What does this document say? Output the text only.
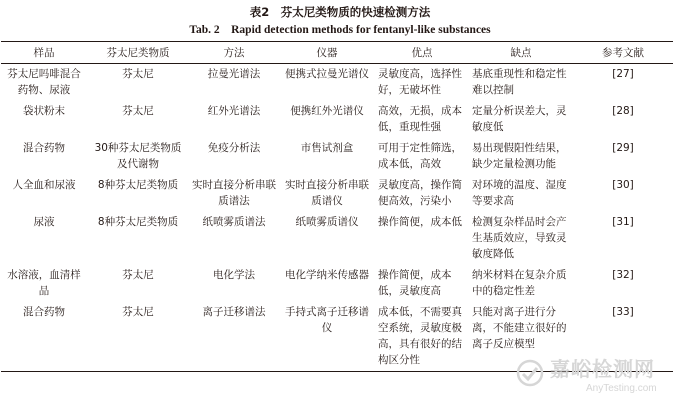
表2　芬太尼类物质的快速检测方法
Tab. 2　Rapid detection methods for fentanyl-like substances
样品	芬太尼类物质	方法	仪器	优点	缺点	参考文献
芬太尼吗啡混合药物、尿液	芬太尼	拉曼光谱法	便携式拉曼光谱仪	灵敏度高，选择性好，无破坏性	基底重现性和稳定性难以控制	[27]
袋状粉末	芬太尼	红外光谱法	便携红外光谱仪	高效，无损，成本低，重现性强	定量分析误差大，灵敏度低	[28]
混合药物	30种芬太尼类物质及代谢物	免疫分析法	市售试剂盒	可用于定性筛选，成本低，高效	易出现假阳性结果，缺少定量检测功能	[29]
人全血和尿液	8种芬太尼类物质	实时直接分析串联质谱法	实时直接分析串联质谱仪	灵敏度高，操作简便高效，污染小	对环境的温度、湿度等要求高	[30]
尿液	8种芬太尼类物质	纸喷雾质谱法	纸喷雾质谱仪	操作简便，成本低	检测复杂样品时会产生基质效应，导致灵敏度降低	[31]
水溶液，血清样品	芬太尼	电化学法	电化学纳米传感器	操作简便，成本低，灵敏度高	纳米材料在复杂介质中的稳定性差	[32]
混合药物	芬太尼	离子迁移谱法	手持式离子迁移谱仪	成本低，不需要真空系统，灵敏度极高，具有很好的结构区分性	只能对离子进行分离，不能建立很好的离子反应模型	[33]
嘉峪检测网
AnyTesting.com
